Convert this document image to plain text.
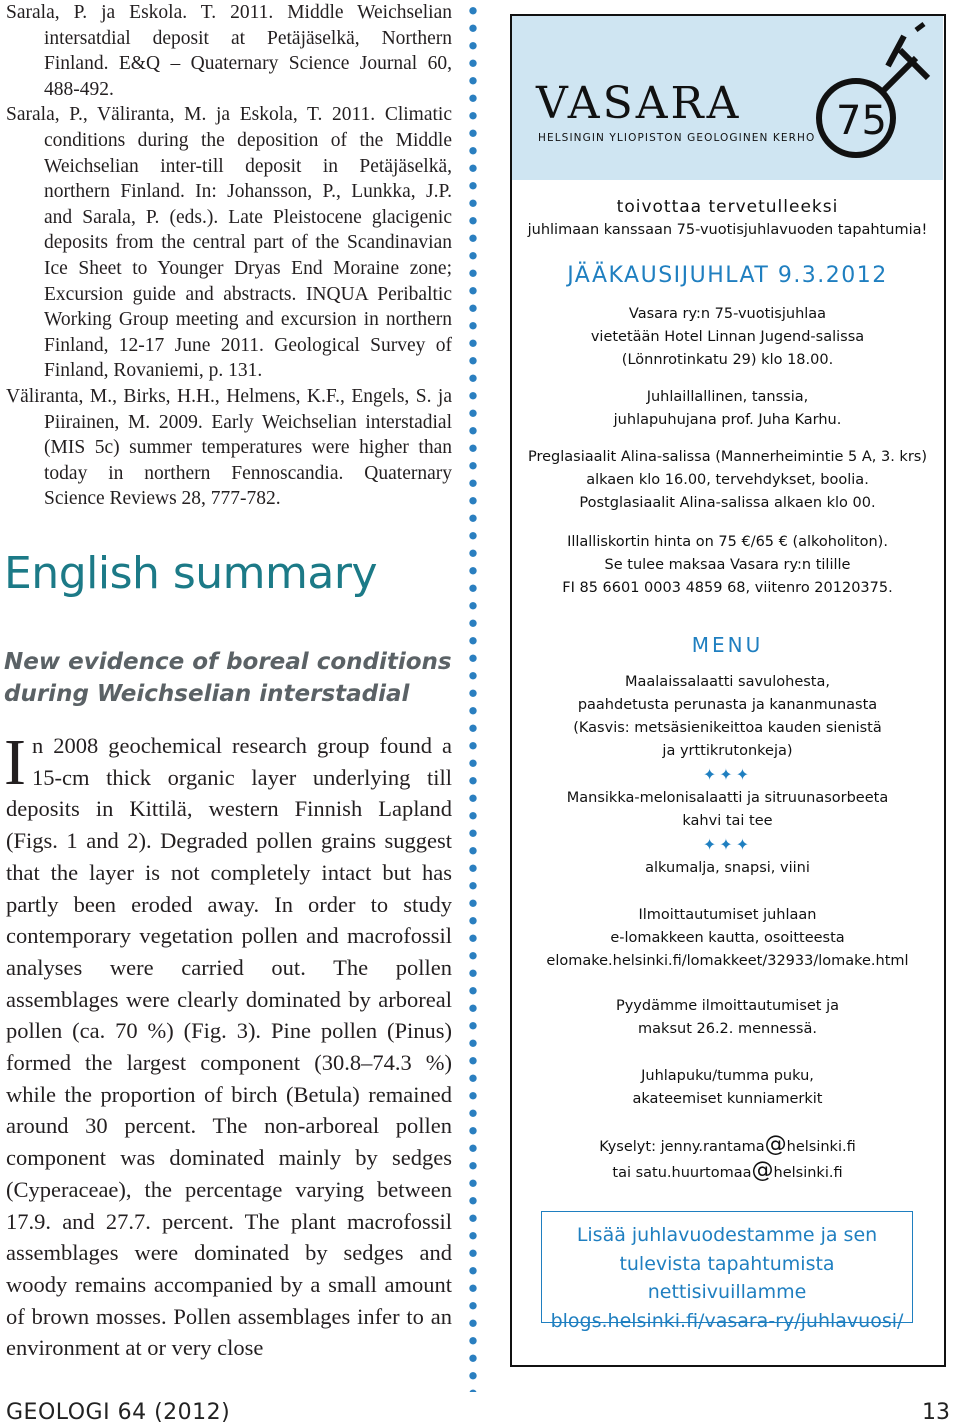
Sarala, P. ja Eskola. T. 2011. Middle Weichselian intersatdial deposit at Petäjäselkä, Northern Finland. E&Q – Quaternary Science Journal 60, 488-492.

Sarala, P., Väliranta, M. ja Eskola, T. 2011. Climatic conditions during the deposition of the Middle Weichselian inter-till deposit in Petäjäselkä, northern Finland. In: Johansson, P., Lunkka, J.P. and Sarala, P. (eds.). Late Pleistocene glacigenic deposits from the central part of the Scandinavian Ice Sheet to Younger Dryas End Moraine zone; Excursion guide and abstracts. INQUA Peribaltic Working Group meeting and excursion in northern Finland, 12-17 June 2011. Geological Survey of Finland, Rovaniemi, p. 131.

Väliranta, M., Birks, H.H., Helmens, K.F., Engels, S. ja Piirainen, M. 2009. Early Weichselian interstadial (MIS 5c) summer temperatures were higher than today in northern Fennoscandia. Quaternary Science Reviews 28, 777-782.

English summary
New evidence of boreal conditions during Weichselian interstadial
In 2008 geochemical research group found a 15-cm thick organic layer underlying till deposits in Kittilä, western Finnish Lapland (Figs. 1 and 2). Degraded pollen grains suggest that the layer is not completely intact but has partly been eroded away. In order to study contemporary vegetation pollen and macrofossil analyses were carried out. The pollen assemblages were clearly dominated by arboreal pollen (ca. 70 %) (Fig. 3). Pine pollen (Pinus) formed the largest component (30.8–74.3 %) while the proportion of birch (Betula) remained around 30 percent. The non-arboreal pollen component was dominated mainly by sedges (Cyperaceae), the percentage varying between 17.9. and 27.7. percent. The plant macrofossil assemblages were dominated by sedges and woody remains accompanied by a small amount of brown mosses. Pollen assemblages infer to an environment at or very close
VASARA
HELSINGIN YLIOPISTON GEOLOGINEN KERHO 75

toivottaa tervetulleeksi

juhlimaan kanssaan 75-vuotisjuhlavuoden tapahtumia!

JÄÄKAUSIJUHLAT 9.3.2012

Vasara ry:n 75-vuotisjuhlaa

vietetään Hotel Linnan Jugend-salissa

(Lönnrotinkatu 29) klo 18.00.

Juhlaillallinen, tanssia,

juhlapuhujana prof. Juha Karhu.

Preglasiaalit Alina-salissa (Mannerheimintie 5 A, 3. krs)

alkaen klo 16.00, tervehdykset, boolia.

Postglasiaalit Alina-salissa alkaen klo 00.

Illalliskortin hinta on 75 €/65 € (alkoholiton).

Se tulee maksaa Vasara ry:n tilille

FI 85 6601 0003 4859 68, viitenro 20120375.

MENU

Maalaissalaatti savulohesta,

paahdetusta perunasta ja kananmunasta

(Kasvis: metsäsienikeittoa kauden sienistä

ja yrttikrutonkeja)

✦✦✦

Mansikka-melonisalaatti ja sitruunasorbeeta

kahvi tai tee

✦✦✦

alkumalja, snapsi, viini

Ilmoittautumiset juhlaan

e-lomakkeen kautta, osoitteesta

elomake.helsinki.fi/lomakkeet/32933/lomake.html

Pyydämme ilmoittautumiset ja

maksut 26.2. mennessä.

Juhlapuku/tumma puku,

akateemiset kunniamerkit

Kyselyt: jenny.rantama@helsinki.fi

tai satu.huurtomaa@helsinki.fi

Lisää juhlavuodestamme ja sen

tulevista tapahtumista nettisivuillamme

blogs.helsinki.fi/vasara-ry/juhlavuosi/

GEOLOGI 64 (2012)	13
